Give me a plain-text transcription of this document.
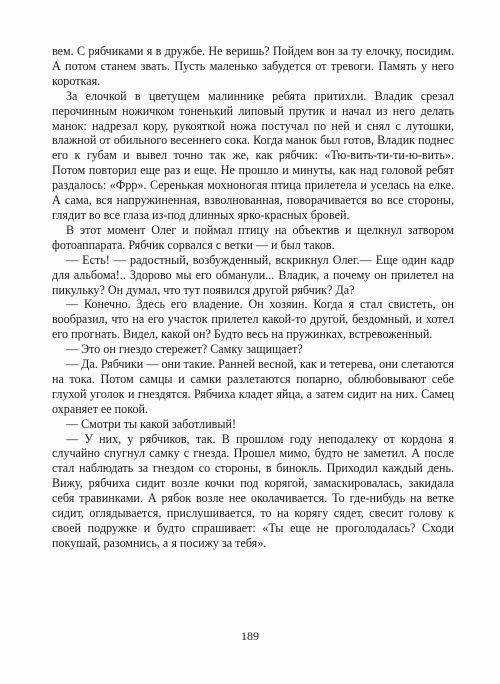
вем. С рябчиками я в дружбе. Не веришь? Пойдем вон за ту елочку, посидим. А потом станем звать. Пусть маленько забудется от тревоги. Память у него короткая.

За елочкой в цветущем малиннике ребята притихли. Владик срезал перочинным ножичком тоненький липовый прутик и начал из него делать манок: надрезал кору, рукояткой ножа постучал по ней и снял с лутошки, влажной от обильного весеннего сока. Когда манок был готов, Владик поднес его к губам и вывел точно так же, как рябчик: «Тю-вить-ти-ти-ю-вить». Потом повторил еще раз и еще. Не прошло и минуты, как над головой ребят раздалось: «Фрр». Серенькая мохноногая птица прилетела и уселась на елке. А сама, вся напружиненная, взволнованная, поворачивается во все стороны, глядит во все глаза из-под длинных ярко-красных бровей.

В этот момент Олег и поймал птицу на объектив и щелкнул затвором фотоаппарата. Рябчик сорвался с ветки — и был таков.

— Есть! — радостный, возбужденный, вскрикнул Олег.— Еще один кадр для альбома!.. Здорово мы его обманули... Владик, а почему он прилетел на пикульку? Он думал, что тут появился другой рябчик? Да?

— Конечно. Здесь его владение. Он хозяин. Когда я стал свистеть, он вообразил, что на его участок прилетел какой-то другой, бездомный, и хотел его прогнать. Видел, какой он? Будто весь на пружинках, встревоженный.

— Это он гнездо стережет? Самку защищает?

— Да. Рябчики — они такие. Ранней весной, как и тетерева, они слетаются на тока. Потом самцы и самки разлетаются попарно, облюбовывают себе глухой уголок и гнездятся. Рябчиха кладет яйца, а затем сидит на них. Самец охраняет ее покой.

— Смотри ты какой заботливый!

— У них, у рябчиков, так. В прошлом году неподалеку от кордона я случайно спугнул самку с гнезда. Прошел мимо, будто не заметил. А после стал наблюдать за гнездом со стороны, в бинокль. Приходил каждый день. Вижу, рябчиха сидит возле кочки под корягой, замаскировалась, закидала себя травинками. А рябок возле нее околачивается. То где-нибудь на ветке сидит, оглядывается, прислушивается, то на корягу сядет, свесит голову к своей подружке и будто спрашивает: «Ты еще не проголодалась? Сходи покушай, разомнись, а я посижу за тебя».

189
